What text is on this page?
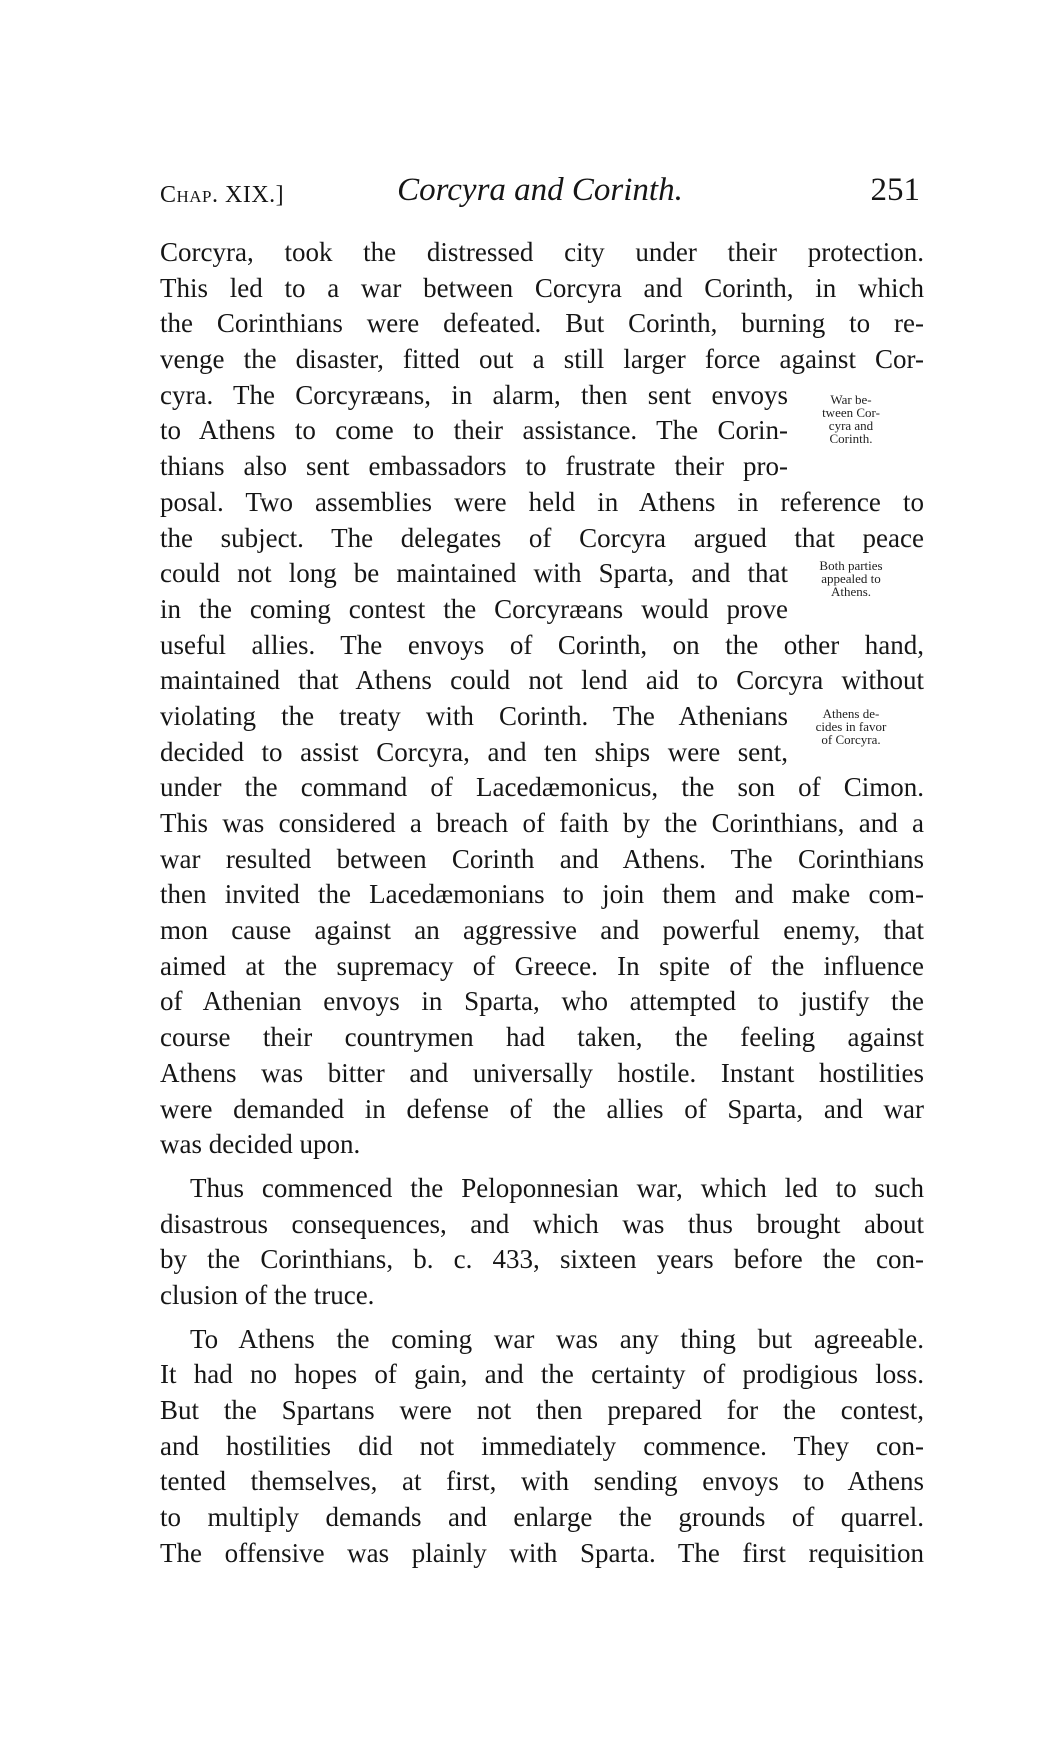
Chap. XIX.]	Corcyra and Corinth.	251
Corcyra, took the distressed city under their protection.
This led to a war between Corcyra and Corinth, in which
the Corinthians were defeated. But Corinth, burning to re-
venge the disaster, fitted out a still larger force against Cor-
cyra. The Corcyræans, in alarm, then sent envoys
to Athens to come to their assistance. The Corin-
thians also sent embassadors to frustrate their pro-
posal. Two assemblies were held in Athens in reference to
the subject. The delegates of Corcyra argued that peace
could not long be maintained with Sparta, and that
in the coming contest the Corcyræans would prove
useful allies. The envoys of Corinth, on the other hand,
maintained that Athens could not lend aid to Corcyra without
violating the treaty with Corinth. The Athenians
decided to assist Corcyra, and ten ships were sent,
under the command of Lacedæmonicus, the son of Cimon.
This was considered a breach of faith by the Corinthians, and a
war resulted between Corinth and Athens. The Corinthians
then invited the Lacedæmonians to join them and make com-
mon cause against an aggressive and powerful enemy, that
aimed at the supremacy of Greece. In spite of the influence
of Athenian envoys in Sparta, who attempted to justify the
course their countrymen had taken, the feeling against
Athens was bitter and universally hostile. Instant hostilities
were demanded in defense of the allies of Sparta, and war
was decided upon.
Thus commenced the Peloponnesian war, which led to such
disastrous consequences, and which was thus brought about
by the Corinthians, b. c. 433, sixteen years before the con-
clusion of the truce.
To Athens the coming war was any thing but agreeable.
It had no hopes of gain, and the certainty of prodigious loss.
But the Spartans were not then prepared for the contest,
and hostilities did not immediately commence. They con-
tented themselves, at first, with sending envoys to Athens
to multiply demands and enlarge the grounds of quarrel.
The offensive was plainly with Sparta. The first requisition
War be-
tween Cor-
cyra and
Corinth.
Both parties
appealed to
Athens.
Athens de-
cides in favor
of Corcyra.
